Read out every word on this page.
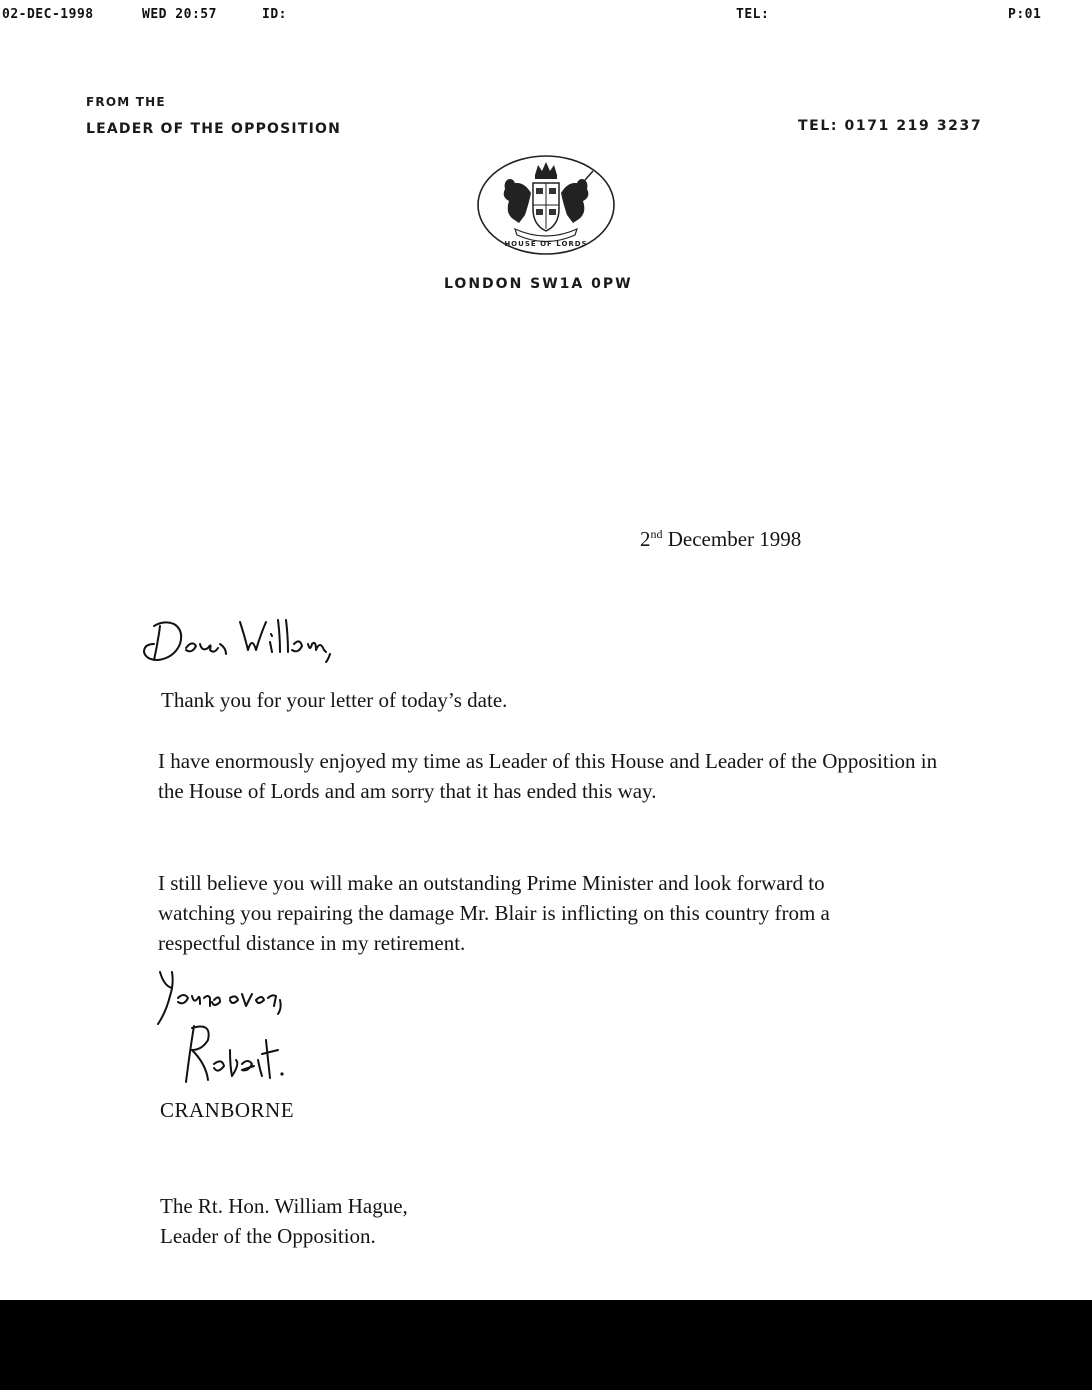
02-DEC-1998	WED 20:57	ID:	TEL:	P:01
FROM THE
LEADER OF THE OPPOSITION	TEL: 0171 219 3237
HOUSE OF LORDS
LONDON SW1A 0PW
2nd December 1998

Thank you for your letter of today’s date.

I have enormously enjoyed my time as Leader of this House and Leader of the Opposition in the House of Lords and am sorry that it has ended this way.

I still believe you will make an outstanding Prime Minister and look forward to watching you repairing the damage Mr. Blair is inflicting on this country from a respectful distance in my retirement.

CRANBORNE
The Rt. Hon. William Hague,
Leader of the Opposition.
